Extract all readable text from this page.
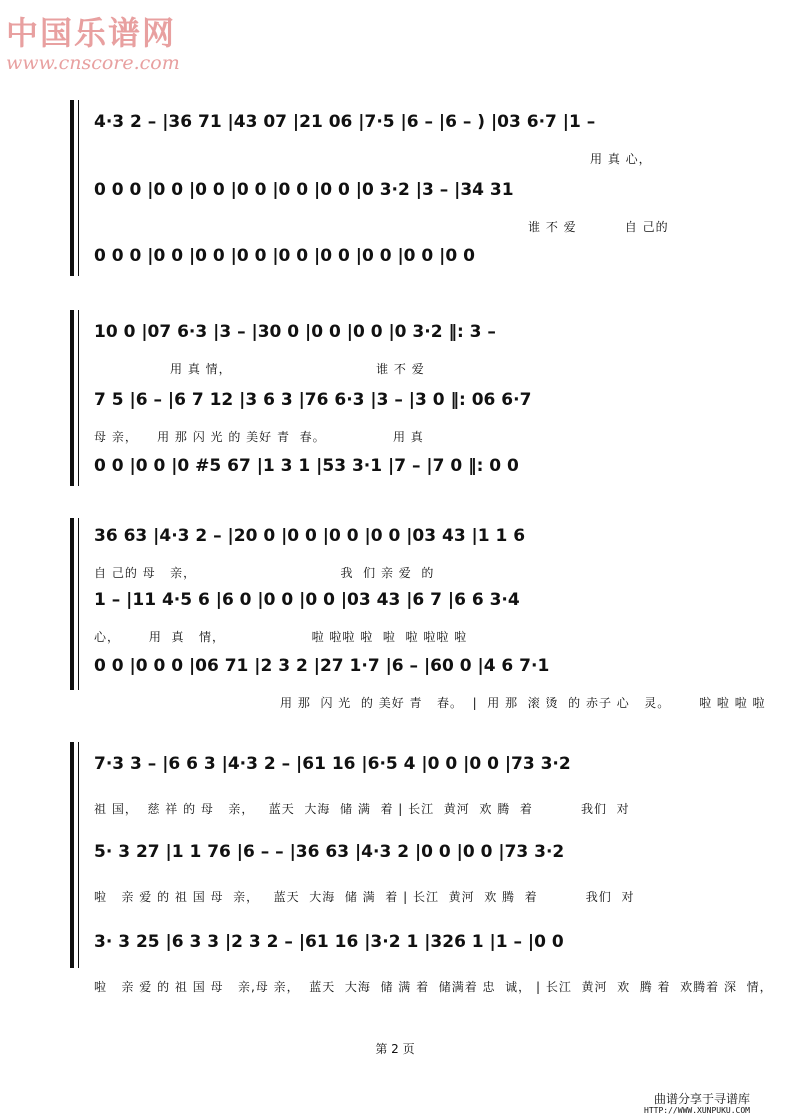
中国乐谱网
www.cnscore.com
4·3 2 – |36 71 |43 07 |21 06 |7·5 |6 – |6 – ) |03 6·7 |1 –
用 真 心，
0 0 0 |0 0 |0 0 |0 0 |0 0 |0 0 |0 3·2 |3 – |34 31
谁 不 爱          自 己的
0 0 0 |0 0 |0 0 |0 0 |0 0 |0 0 |0 0 |0 0 |0 0
10 0 |07 6·3 |3 – |30 0 |0 0 |0 0 |0 3·2 ‖: 3 –
用 真 情，                              谁 不 爱
7 5 |6 – |6 7 12 |3 6 3 |76 6·3 |3 – |3 0 ‖: 06 6·7
母 亲，    用 那 闪 光 的 美好 青  春。              用 真
0 0 |0 0 |0 #5 67 |1 3 1 |53 3·1 |7 – |7 0 ‖: 0 0
36 63 |4·3 2 – |20 0 |0 0 |0 0 |0 0 |03 43 |1 1 6
自 己的 母   亲，                              我  们 亲 爱  的
1 – |11 4·5 6 |6 0 |0 0 |0 0 |03 43 |6 7 |6 6 3·4
心，      用  真   情，                  啦 啦啦 啦  啦  啦 啦啦 啦
0 0 |0 0 0 |06 71 |2 3 2 |27 1·7 |6 – |60 0 |4 6 7·1
用 那  闪 光  的 美好 青   春。  |  用 那  滚 烫  的 赤子 心   灵。      啦 啦 啦 啦
7·3 3 – |6 6 3 |4·3 2 – |61 16 |6·5 4 |0 0 |0 0 |73 3·2
祖 国，  慈 祥 的 母   亲，   蓝天  大海  储 满  着 | 长江  黄河  欢 腾  着          我们  对
5· 3 27 |1 1 76 |6 – – |36 63 |4·3 2 |0 0 |0 0 |73 3·2
啦   亲 爱 的 祖 国 母  亲，   蓝天  大海  储 满  着 | 长江  黄河  欢 腾  着          我们  对
3· 3 25 |6 3 3 |2 3 2 – |61 16 |3·2 1 |326 1 |1 – |0 0
啦   亲 爱 的 祖 国 母   亲,母 亲，  蓝天  大海  储 满 着  储满着 忠  诚， | 长江  黄河  欢  腾 着  欢腾着 深  情，
第 2 页
曲谱分享于寻谱库
HTTP://WWW.XUNPUKU.COM
